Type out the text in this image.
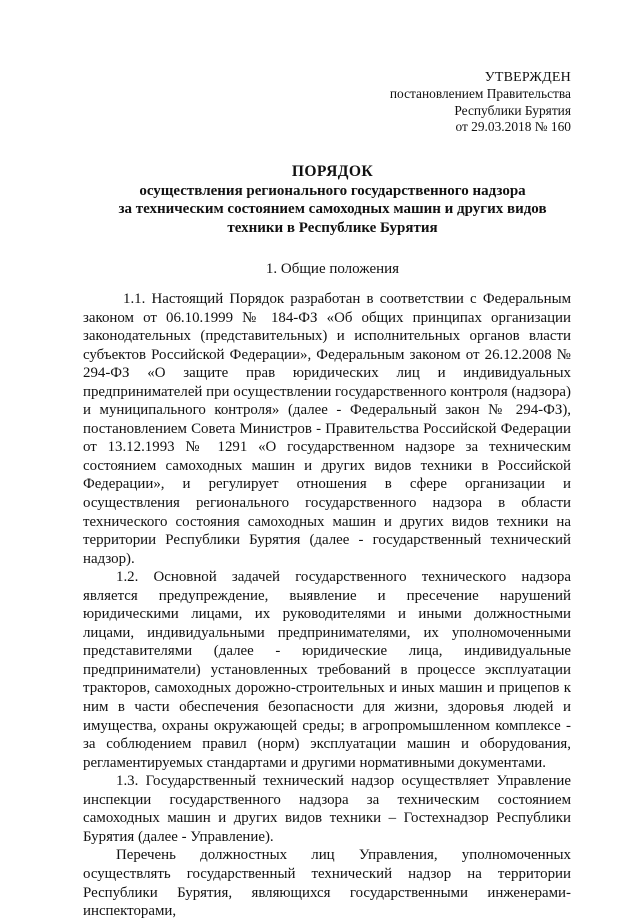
УТВЕРЖДЕН
постановлением Правительства
Республики Бурятия
от 29.03.2018 № 160
ПОРЯДОК
осуществления регионального государственного надзора
за техническим состоянием самоходных машин и других видов
техники в Республике Бурятия
1. Общие положения

1.1. Настоящий Порядок разработан в соответствии с Федеральным законом от 06.10.1999 № 184-ФЗ «Об общих принципах организации законодательных (представительных) и исполнительных органов власти субъектов Российской Федерации», Федеральным законом от 26.12.2008 № 294-ФЗ «О защите прав юридических лиц и индивидуальных предпринимателей при осуществлении государственного контроля (надзора) и муниципального контроля» (далее - Федеральный закон № 294-ФЗ), постановлением Совета Министров - Правительства Российской Федерации от 13.12.1993 № 1291 «О государственном надзоре за техническим состоянием самоходных машин и других видов техники в Российской Федерации», и регулирует отношения в сфере организации и осуществления регионального государственного надзора в области технического состояния самоходных машин и других видов техники на территории Республики Бурятия (далее - государственный технический надзор).

1.2. Основной задачей государственного технического надзора является предупреждение, выявление и пресечение нарушений юридическими лицами, их руководителями и иными должностными лицами, индивидуальными предпринимателями, их уполномоченными представителями (далее - юридические лица, индивидуальные предприниматели) установленных требований в процессе эксплуатации тракторов, самоходных дорожно-строительных и иных машин и прицепов к ним в части обеспечения безопасности для жизни, здоровья людей и имущества, охраны окружающей среды; в агропромышленном комплексе - за соблюдением правил (норм) эксплуатации машин и оборудования, регламентируемых стандартами и другими нормативными документами.

1.3. Государственный технический надзор осуществляет Управление инспекции государственного надзора за техническим состоянием самоходных машин и других видов техники – Гостехнадзор Республики Бурятия (далее - Управление).

Перечень должностных лиц Управления, уполномоченных осуществлять государственный технический надзор на территории Республики Бурятия, являющихся государственными инженерами-инспекторами,
